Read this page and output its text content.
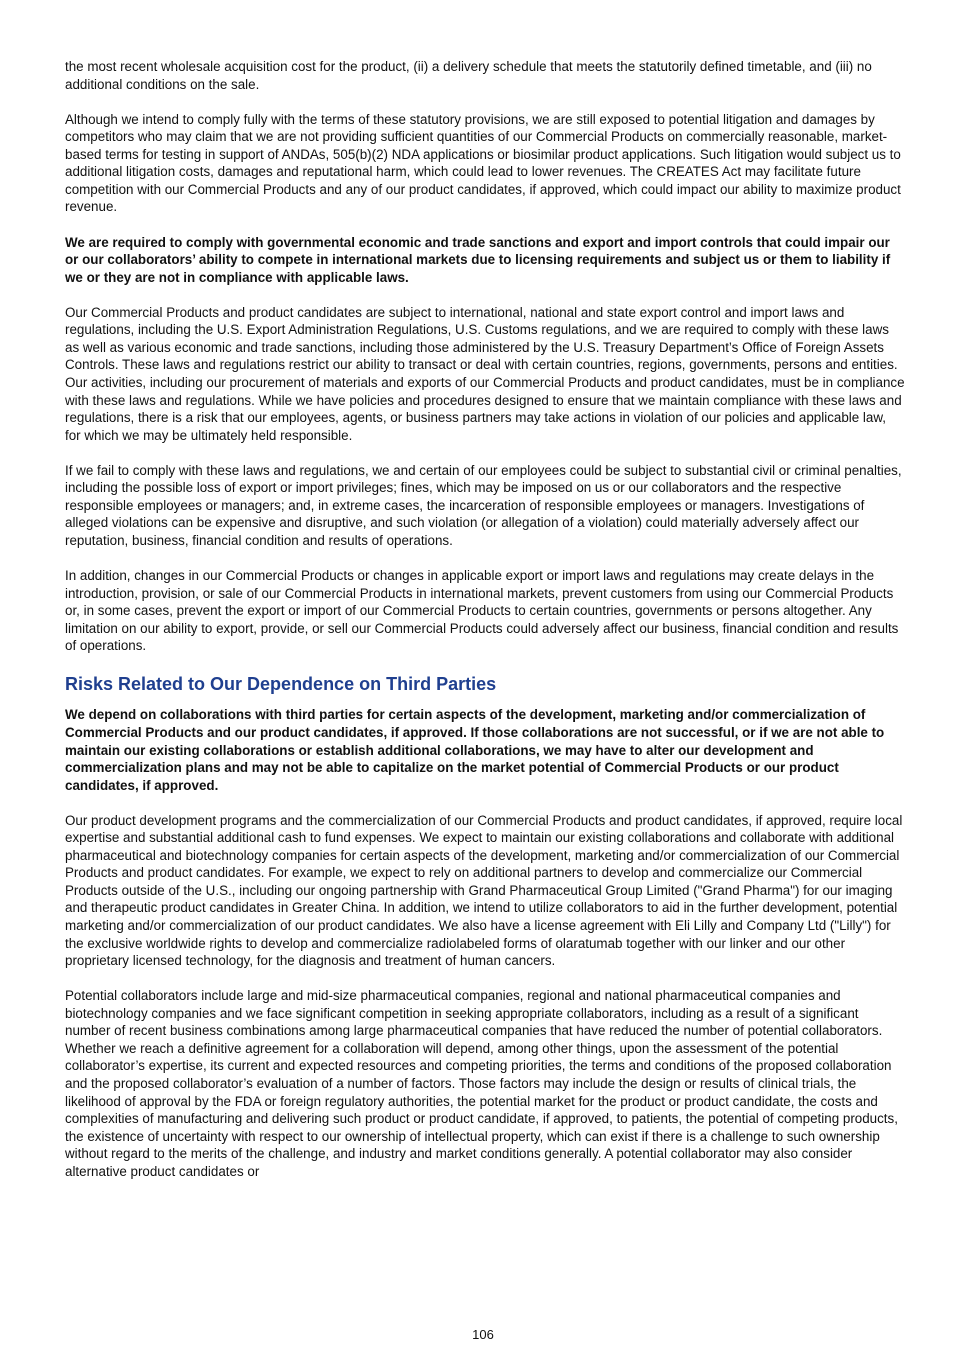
the most recent wholesale acquisition cost for the product, (ii) a delivery schedule that meets the statutorily defined timetable, and (iii) no additional conditions on the sale.

Although we intend to comply fully with the terms of these statutory provisions, we are still exposed to potential litigation and damages by competitors who may claim that we are not providing sufficient quantities of our Commercial Products on commercially reasonable, market-based terms for testing in support of ANDAs, 505(b)(2) NDA applications or biosimilar product applications. Such litigation would subject us to additional litigation costs, damages and reputational harm, which could lead to lower revenues. The CREATES Act may facilitate future competition with our Commercial Products and any of our product candidates, if approved, which could impact our ability to maximize product revenue.

We are required to comply with governmental economic and trade sanctions and export and import controls that could impair our or our collaborators’ ability to compete in international markets due to licensing requirements and subject us or them to liability if we or they are not in compliance with applicable laws.

Our Commercial Products and product candidates are subject to international, national and state export control and import laws and regulations, including the U.S. Export Administration Regulations, U.S. Customs regulations, and we are required to comply with these laws as well as various economic and trade sanctions, including those administered by the U.S. Treasury Department’s Office of Foreign Assets Controls. These laws and regulations restrict our ability to transact or deal with certain countries, regions, governments, persons and entities. Our activities, including our procurement of materials and exports of our Commercial Products and product candidates, must be in compliance with these laws and regulations. While we have policies and procedures designed to ensure that we maintain compliance with these laws and regulations, there is a risk that our employees, agents, or business partners may take actions in violation of our policies and applicable law, for which we may be ultimately held responsible.

If we fail to comply with these laws and regulations, we and certain of our employees could be subject to substantial civil or criminal penalties, including the possible loss of export or import privileges; fines, which may be imposed on us or our collaborators and the respective responsible employees or managers; and, in extreme cases, the incarceration of responsible employees or managers. Investigations of alleged violations can be expensive and disruptive, and such violation (or allegation of a violation) could materially adversely affect our reputation, business, financial condition and results of operations.

In addition, changes in our Commercial Products or changes in applicable export or import laws and regulations may create delays in the introduction, provision, or sale of our Commercial Products in international markets, prevent customers from using our Commercial Products or, in some cases, prevent the export or import of our Commercial Products to certain countries, governments or persons altogether. Any limitation on our ability to export, provide, or sell our Commercial Products could adversely affect our business, financial condition and results of operations.

Risks Related to Our Dependence on Third Parties

We depend on collaborations with third parties for certain aspects of the development, marketing and/or commercialization of Commercial Products and our product candidates, if approved. If those collaborations are not successful, or if we are not able to maintain our existing collaborations or establish additional collaborations, we may have to alter our development and commercialization plans and may not be able to capitalize on the market potential of Commercial Products or our product candidates, if approved.

Our product development programs and the commercialization of our Commercial Products and product candidates, if approved, require local expertise and substantial additional cash to fund expenses. We expect to maintain our existing collaborations and collaborate with additional pharmaceutical and biotechnology companies for certain aspects of the development, marketing and/or commercialization of our Commercial Products and product candidates. For example, we expect to rely on additional partners to develop and commercialize our Commercial Products outside of the U.S., including our ongoing partnership with Grand Pharmaceutical Group Limited ("Grand Pharma") for our imaging and therapeutic product candidates in Greater China. In addition, we intend to utilize collaborators to aid in the further development, potential marketing and/or commercialization of our product candidates. We also have a license agreement with Eli Lilly and Company Ltd ("Lilly") for the exclusive worldwide rights to develop and commercialize radiolabeled forms of olaratumab together with our linker and our other proprietary licensed technology, for the diagnosis and treatment of human cancers.

Potential collaborators include large and mid-size pharmaceutical companies, regional and national pharmaceutical companies and biotechnology companies and we face significant competition in seeking appropriate collaborators, including as a result of a significant number of recent business combinations among large pharmaceutical companies that have reduced the number of potential collaborators. Whether we reach a definitive agreement for a collaboration will depend, among other things, upon the assessment of the potential collaborator’s expertise, its current and expected resources and competing priorities, the terms and conditions of the proposed collaboration and the proposed collaborator’s evaluation of a number of factors. Those factors may include the design or results of clinical trials, the likelihood of approval by the FDA or foreign regulatory authorities, the potential market for the product or product candidate, the costs and complexities of manufacturing and delivering such product or product candidate, if approved, to patients, the potential of competing products, the existence of uncertainty with respect to our ownership of intellectual property, which can exist if there is a challenge to such ownership without regard to the merits of the challenge, and industry and market conditions generally. A potential collaborator may also consider alternative product candidates or

106
